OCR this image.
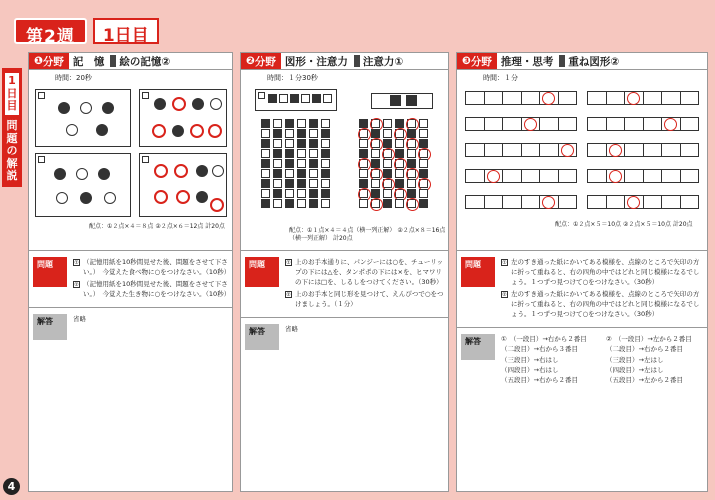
第2週	1日目
1日目
問題の解説
4
❶ 分野 記　憶 絵の記憶②
時間：20秒
配点：①２点×４＝８点 ②２点×６＝12点 計20点
問題	① （記憶用紙を10秒間見せた後、問題をさせて下さい。）　今覚えた食べ物に○をつけなさい。（10秒）
② （記憶用紙を10秒間見せた後、問題をさせて下さい。）　今覚えた生き物に○をつけなさい。（10秒）
解答	省略
❷ 分野 図形・注意力 注意力①
時間：１分30秒
配点：①１点×４＝４点（横一列正解） ②２点×８＝16点（横一列正解） 計20点
問題	① 上のお手本通りに、パンジーには○を、チューリップの下には△を、タンポポの下には×を、ヒマワリの下には□を、しるしをつけてください。（30秒）
② 上のお手本と同じ形を見つけて、えんぴつで○をつけましょう。（１分）
解答	省略
❸ 分野 推理・思考 重ね図形②
時間：１分
配点：①２点×５＝10点 ②２点×５＝10点 計20点
問題	① 左のすき通った紙にかいてある模様を、点線のところで矢印の方に折って重ねると、右の四角の中ではどれと同じ模様になるでしょう。１つずつ見つけて○をつけなさい。（30秒）
② 左のすき通った紙にかいてある模様を、点線のところで矢印の方に折って重ねると、右の四角の中ではどれと同じ模様になるでしょう。１つずつ見つけて○をつけなさい。（30秒）
解答	① （一段目）→右から２番目	② （一段目）→左から２番目
（二段目）→右から３番目	（二段目）→右から２番目
（三段目）→右はし	（三段目）→左はし
（四段目）→右はし	（四段目）→左はし
（五段目）→右から２番目	（五段目）→左から２番目
